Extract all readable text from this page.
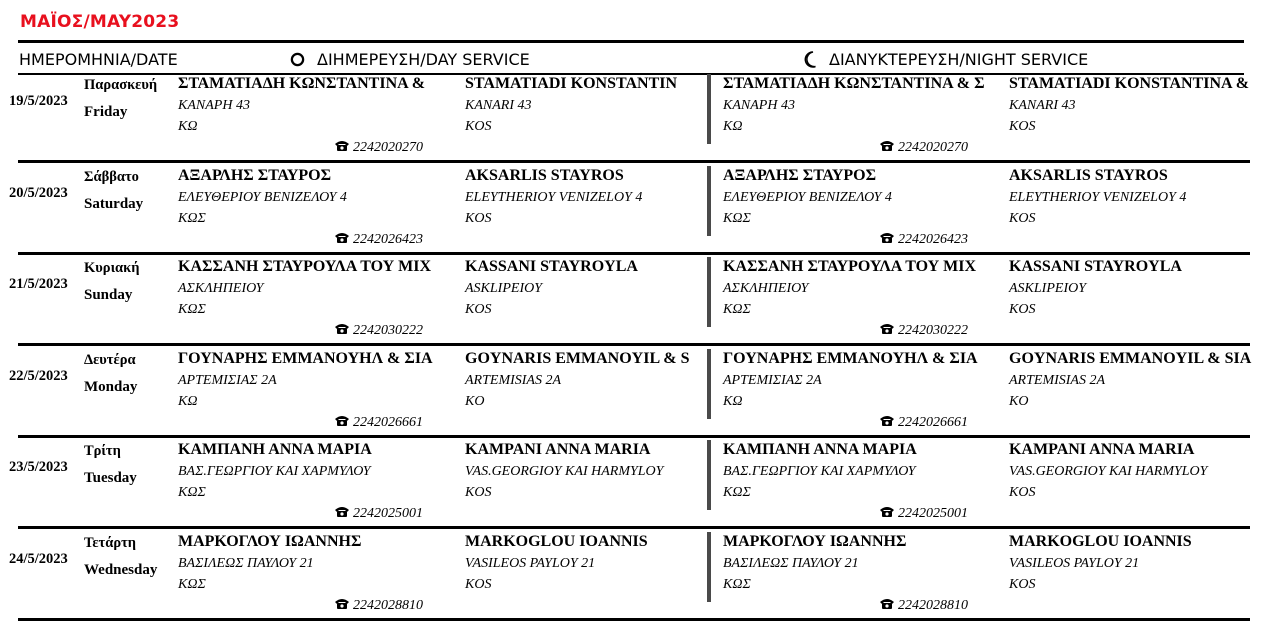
ΜΑΪΟΣ/MAY2023
ΗΜΕΡΟΜΗΝΙΑ/DATE	ΔΙΗΜΕΡΕΥΣΗ/DAY SERVICE	ΔΙΑΝΥΚΤΕΡΕΥΣΗ/NIGHT SERVICE
19/5/2023
Παρασκευή
Friday
ΣΤΑΜΑΤΙΑΔΗ ΚΩΝΣΤΑΝΤΙΝΑ &
ΚΑΝΑΡΗ 43
ΚΩ
STAMATIADI KONSTANTIN
KANARI 43
KOS
2242020270
ΣΤΑΜΑΤΙΑΔΗ ΚΩΝΣΤΑΝΤΙΝΑ & Σ
ΚΑΝΑΡΗ 43
ΚΩ
STAMATIADI KONSTANTINA &
KANARI 43
KOS
2242020270
20/5/2023
Σάββατο
Saturday
ΑΞΑΡΛΗΣ ΣΤΑΥΡΟΣ
ΕΛΕΥΘΕΡΙΟΥ ΒΕΝΙΖΕΛΟΥ 4
ΚΩΣ
AKSARLIS STAYROS
ELEYTHERIOY VENIZELOY 4
KOS
2242026423
ΑΞΑΡΛΗΣ ΣΤΑΥΡΟΣ
ΕΛΕΥΘΕΡΙΟΥ ΒΕΝΙΖΕΛΟΥ 4
ΚΩΣ
AKSARLIS STAYROS
ELEYTHERIOY VENIZELOY 4
KOS
2242026423
21/5/2023
Κυριακή
Sunday
ΚΑΣΣΑΝΗ ΣΤΑΥΡΟΥΛΑ ΤΟΥ ΜΙΧ
ΑΣΚΛΗΠΕΙΟΥ
ΚΩΣ
KASSANI STAYROYLA
ASKLIPEIOY
KOS
2242030222
ΚΑΣΣΑΝΗ ΣΤΑΥΡΟΥΛΑ ΤΟΥ ΜΙΧ
ΑΣΚΛΗΠΕΙΟΥ
ΚΩΣ
KASSANI STAYROYLA
ASKLIPEIOY
KOS
2242030222
22/5/2023
Δευτέρα
Monday
ΓΟΥΝΑΡΗΣ ΕΜΜΑΝΟΥΗΛ & ΣΙΑ
ΑΡΤΕΜΙΣΙΑΣ 2Α
ΚΩ
GOYNARIS EMMANOYIL & S
ARTEMISIAS 2A
KO
2242026661
ΓΟΥΝΑΡΗΣ ΕΜΜΑΝΟΥΗΛ & ΣΙΑ
ΑΡΤΕΜΙΣΙΑΣ 2Α
ΚΩ
GOYNARIS EMMANOYIL & SIA
ARTEMISIAS 2A
KO
2242026661
23/5/2023
Τρίτη
Tuesday
ΚΑΜΠΑΝΗ ΑΝΝΑ ΜΑΡΙΑ
ΒΑΣ.ΓΕΩΡΓΙΟΥ ΚΑΙ ΧΑΡΜΥΛΟΥ
ΚΩΣ
KAMPANI ANNA MARIA
VAS.GEORGIOY KAI HARMYLOY
KOS
2242025001
ΚΑΜΠΑΝΗ ΑΝΝΑ ΜΑΡΙΑ
ΒΑΣ.ΓΕΩΡΓΙΟΥ ΚΑΙ ΧΑΡΜΥΛΟΥ
ΚΩΣ
KAMPANI ANNA MARIA
VAS.GEORGIOY KAI HARMYLOY
KOS
2242025001
24/5/2023
Τετάρτη
Wednesday
ΜΑΡΚΟΓΛΟΥ ΙΩΑΝΝΗΣ
ΒΑΣΙΛΕΩΣ ΠΑΥΛΟΥ 21
ΚΩΣ
MARKOGLOU IOANNIS
VASILEOS PAYLOY 21
KOS
2242028810
ΜΑΡΚΟΓΛΟΥ ΙΩΑΝΝΗΣ
ΒΑΣΙΛΕΩΣ ΠΑΥΛΟΥ 21
ΚΩΣ
MARKOGLOU IOANNIS
VASILEOS PAYLOY 21
KOS
2242028810
